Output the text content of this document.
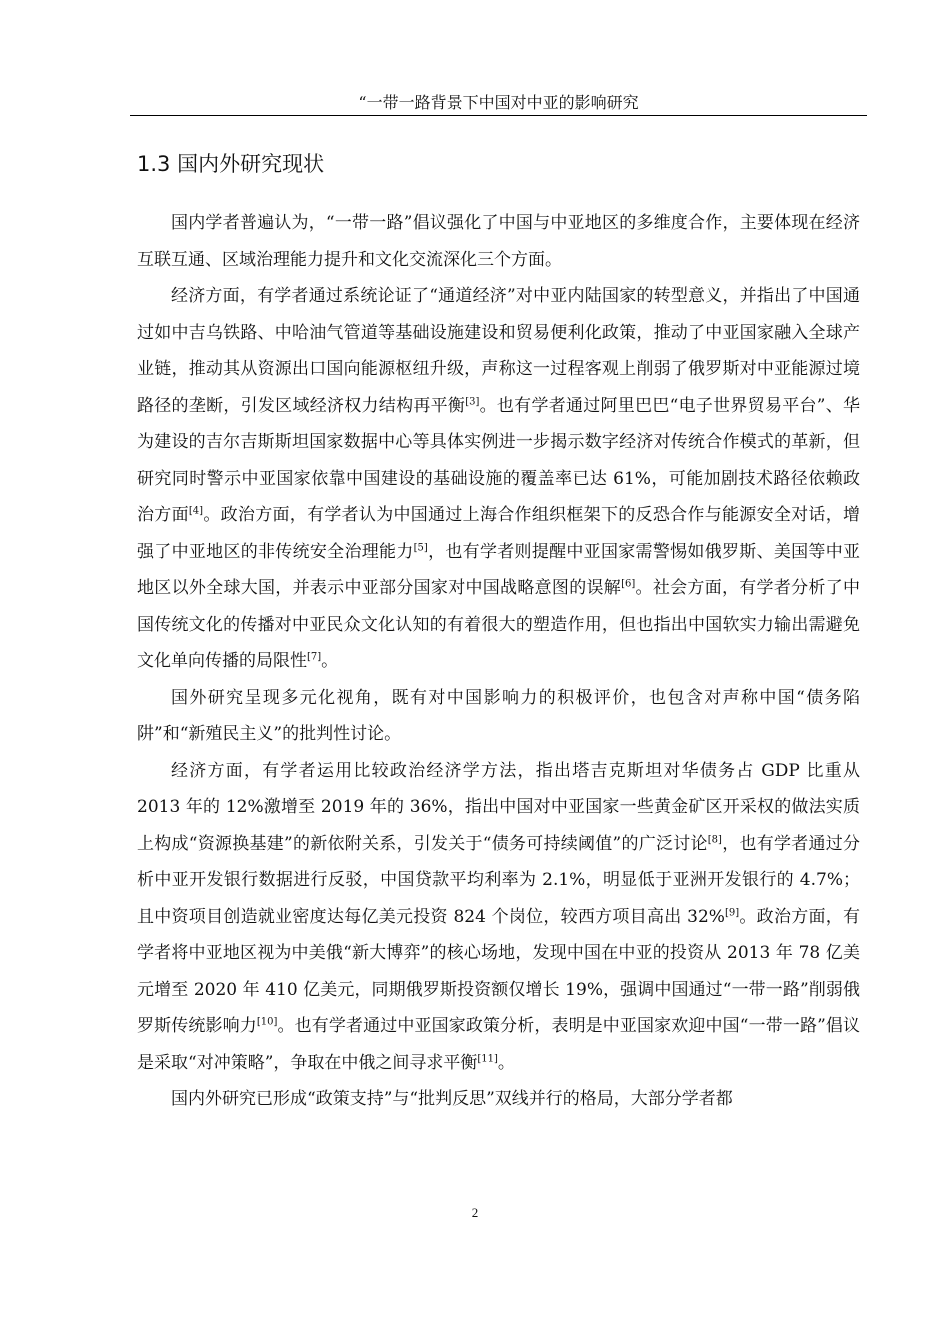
“一带一路背景下中国对中亚的影响研究
1.3 国内外研究现状

国内学者普遍认为，“一带一路”倡议强化了中国与中亚地区的多维度合作，主要体现在经济互联互通、区域治理能力提升和文化交流深化三个方面。

经济方面，有学者通过系统论证了“通道经济”对中亚内陆国家的转型意义，并指出了中国通过如中吉乌铁路、中哈油气管道等基础设施建设和贸易便利化政策，推动了中亚国家融入全球产业链，推动其从资源出口国向能源枢纽升级，声称这一过程客观上削弱了俄罗斯对中亚能源过境路径的垄断，引发区域经济权力结构再平衡[3]。也有学者通过阿里巴巴“电子世界贸易平台”、华为建设的吉尔吉斯斯坦国家数据中心等具体实例进一步揭示数字经济对传统合作模式的革新，但研究同时警示中亚国家依靠中国建设的基础设施的覆盖率已达 61%，可能加剧技术路径依赖政治方面[4]。政治方面，有学者认为中国通过上海合作组织框架下的反恐合作与能源安全对话，增强了中亚地区的非传统安全治理能力[5]，也有学者则提醒中亚国家需警惕如俄罗斯、美国等中亚地区以外全球大国，并表示中亚部分国家对中国战略意图的误解[6]。社会方面，有学者分析了中国传统文化的传播对中亚民众文化认知的有着很大的塑造作用，但也指出中国软实力输出需避免文化单向传播的局限性[7]。

国外研究呈现多元化视角，既有对中国影响力的积极评价，也包含对声称中国“债务陷阱”和“新殖民主义”的批判性讨论。

经济方面，有学者运用比较政治经济学方法，指出塔吉克斯坦对华债务占 GDP 比重从 2013 年的 12%激增至 2019 年的 36%，指出中国对中亚国家一些黄金矿区开采权的做法实质上构成“资源换基建”的新依附关系，引发关于“债务可持续阈值”的广泛讨论[8]，也有学者通过分析中亚开发银行数据进行反驳，中国贷款平均利率为 2.1%，明显低于亚洲开发银行的 4.7%；且中资项目创造就业密度达每亿美元投资 824 个岗位，较西方项目高出 32%[9]。政治方面，有学者将中亚地区视为中美俄“新大博弈”的核心场地，发现中国在中亚的投资从 2013 年 78 亿美元增至 2020 年 410 亿美元，同期俄罗斯投资额仅增长 19%，强调中国通过“一带一路”削弱俄罗斯传统影响力[10]。也有学者通过中亚国家政策分析，表明是中亚国家欢迎中国“一带一路”倡议是采取“对冲策略”，争取在中俄之间寻求平衡[11]。

国内外研究已形成“政策支持”与“批判反思”双线并行的格局，大部分学者都

2
